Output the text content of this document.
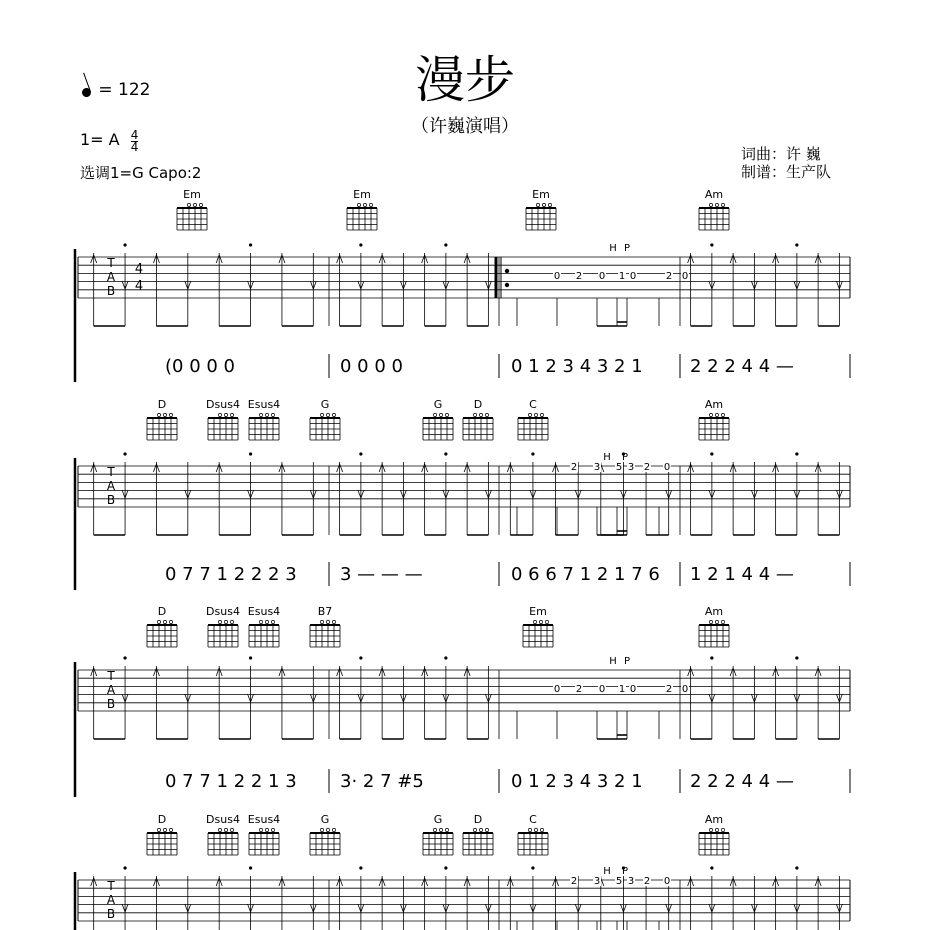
漫步
（许巍演唱）
= 122
1= A $\frac{4}{4}$
选调1=G Capo:2
词曲：许 巍
制谱：生产队
Em	Em	Em	Am
T
A
B
4
4
0 2 0 1 0	2 0
H P
(0 0 0 0	0 0 0 0	0 1 2 3 4 3 2 1	2 2 2 4 4 —
D	Dsus4 Esus4	G	G	D	C	Am
T
A
B
2 3 5 3 2 0
H P
0 7 7 1 2 2 2 3 3 — — —	0 6 6 7 1 2 1 7 6 1 2 1 4 4 —
D	Dsus4 Esus4	B7	Em	Am
T
A
B
0 2 0 1 0	2 0
H P
0 7 7 1 2 2 1 3 3· 2 7 #5	0 1 2 3 4 3 2 1	2 2 2 4 4 —
D	Dsus4 Esus4	G	G	D	C	Am
T
A
B
2 3 5 3 2 0
H P
